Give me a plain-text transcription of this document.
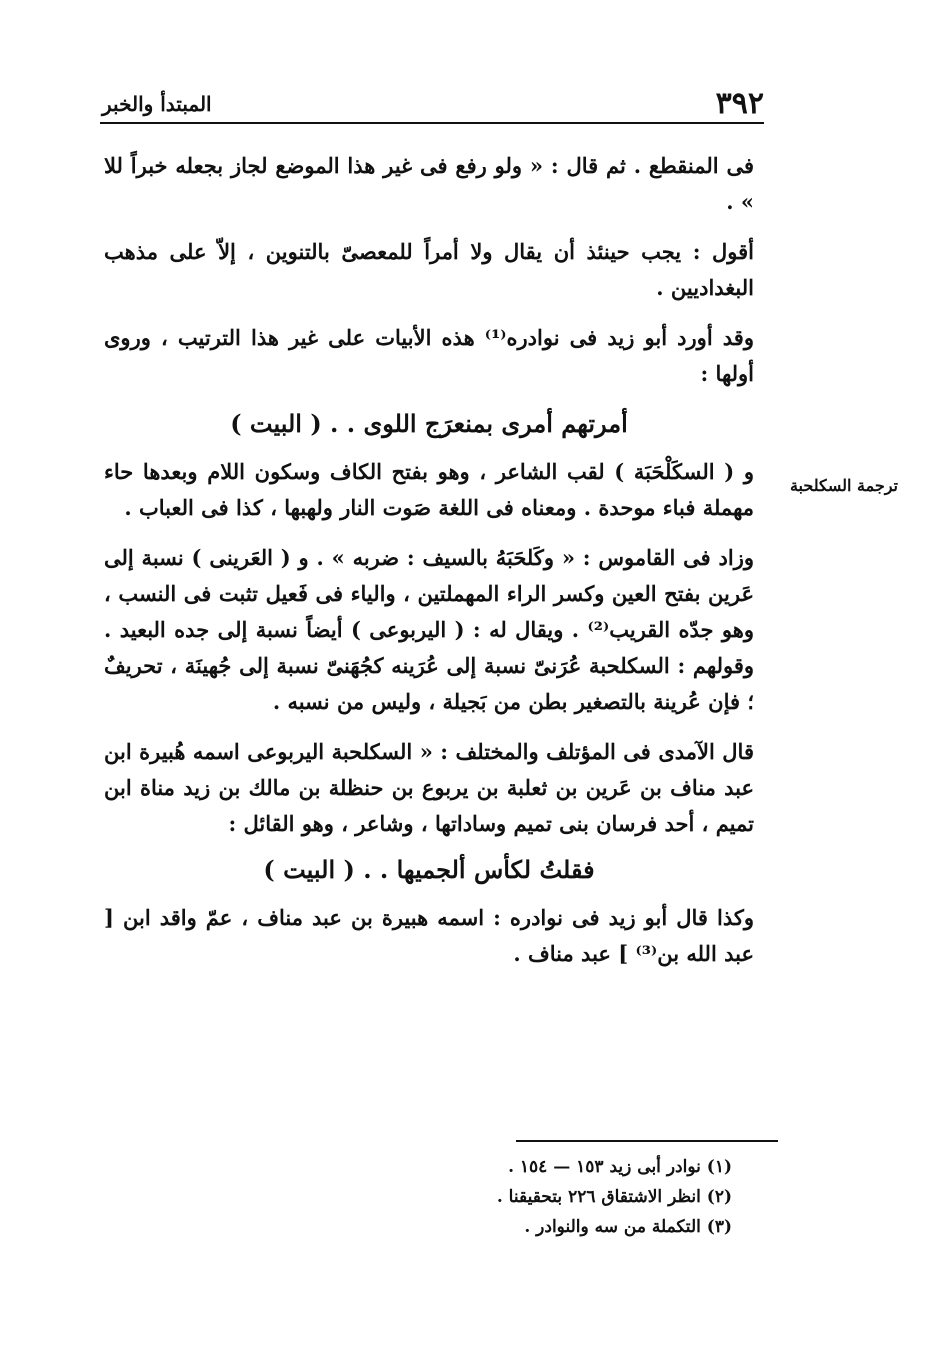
المبتدأ والخبر	٣٩٢
ترجمة السكلحبة

فى المنقطع . ثم قال : « ولو رفع فى غير هذا الموضع لجاز بجعله خبراً للا » .

أقول : يجب حينئذ أن يقال ولا أمراً للمعصىّ بالتنوين ، إلاّ على مذهب البغداديين .

وقد أورد أبو زيد فى نوادره⁽¹⁾ هذه الأبيات على غير هذا الترتيب ، وروى أولها :

أمرتهم أمرى بمنعرَج اللوى . . ( البيت )

و ( السكَلْحَبَة ) لقب الشاعر ، وهو بفتح الكاف وسكون اللام وبعدها حاء مهملة فباء موحدة . ومعناه فى اللغة صَوت النار ولهبها ، كذا فى العباب .

وزاد فى القاموس : « وكَلحَبَهُ بالسيف : ضربه » . و ( العَرينى ) نسبة إلى عَرين بفتح العين وكسر الراء المهملتين ، والياء فى فَعيل تثبت فى النسب ، وهو جدّه القريب⁽²⁾ . ويقال له : ( اليربوعى ) أيضاً نسبة إلى جده البعيد . وقولهم : السكلحبة عُرَنىّ نسبة إلى عُرَينه كجُهَنىّ نسبة إلى جُهينَة ، تحريفٌ ؛ فإن عُرينة بالتصغير بطن من بَجيلة ، وليس من نسبه .

قال الآمدى فى المؤتلف والمختلف : « السكلحبة اليربوعى اسمه هُبيرة ابن عبد مناف بن عَرين بن ثعلبة بن يربوع بن حنظلة بن مالك بن زيد مناة ابن تميم ، أحد فرسان بنى تميم وساداتها ، وشاعر ، وهو القائل :

فقلتُ لكأس ألجميها . . ( البيت )

وكذا قال أبو زيد فى نوادره : اسمه هبيرة بن عبد مناف ، عمّ واقد ابن [ عبد الله بن⁽³⁾ ] عبد مناف .

(١) نوادر أبى زيد ١٥٣ — ١٥٤ .
(٢) انظر الاشتقاق ٢٢٦ بتحقيقنا .
(٣) التكملة من سه والنوادر .
